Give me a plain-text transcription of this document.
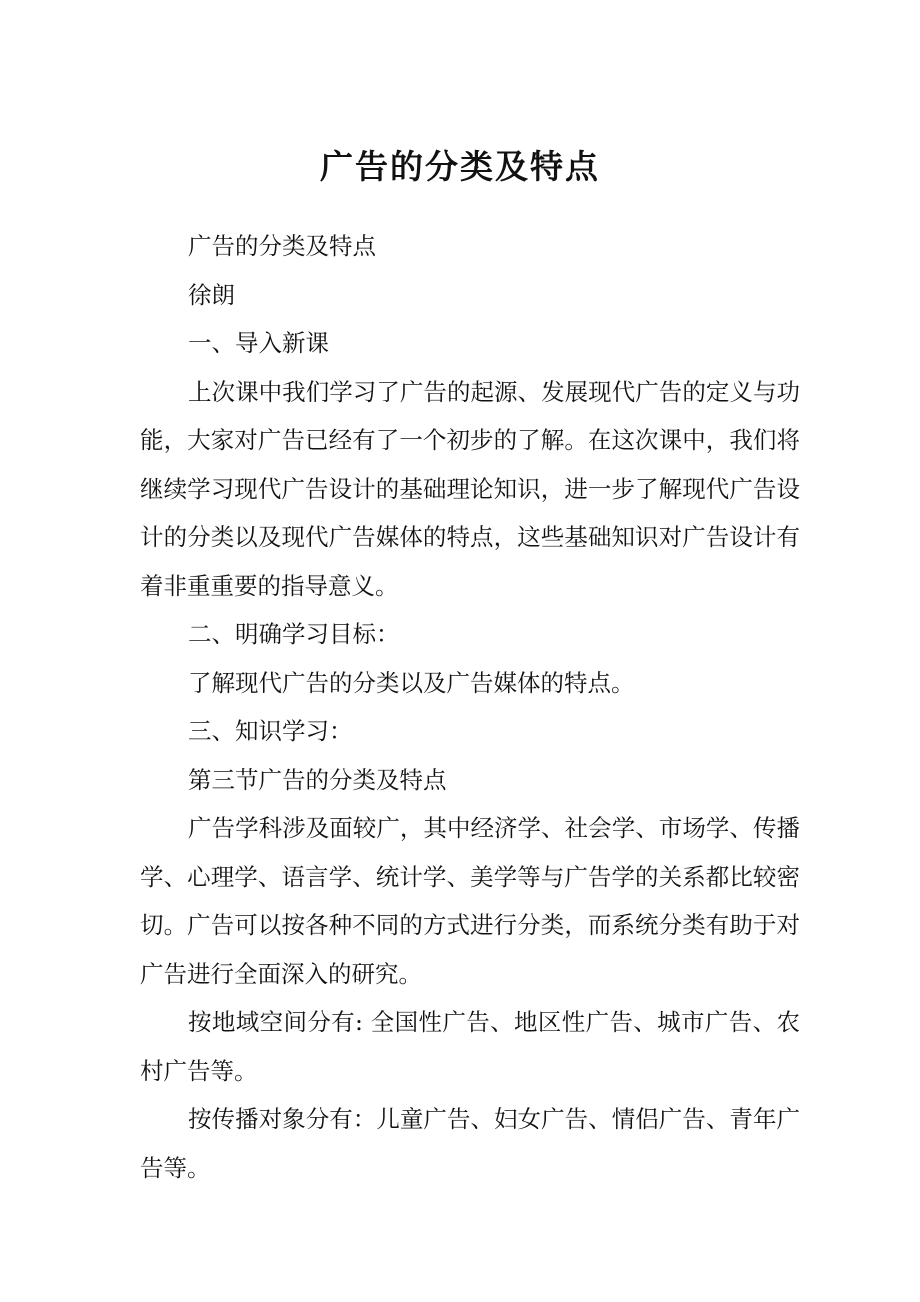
广告的分类及特点

广告的分类及特点

徐朗

一、导入新课

上次课中我们学习了广告的起源、发展现代广告的定义与功能，大家对广告已经有了一个初步的了解。在这次课中，我们将继续学习现代广告设计的基础理论知识，进一步了解现代广告设计的分类以及现代广告媒体的特点，这些基础知识对广告设计有着非重重要的指导意义。

二、明确学习目标：

了解现代广告的分类以及广告媒体的特点。

三、知识学习：

第三节广告的分类及特点

广告学科涉及面较广，其中经济学、社会学、市场学、传播学、心理学、语言学、统计学、美学等与广告学的关系都比较密切。广告可以按各种不同的方式进行分类，而系统分类有助于对广告进行全面深入的研究。

按地域空间分有: 全国性广告、地区性广告、城市广告、农村广告等。

按传播对象分有：儿童广告、妇女广告、情侣广告、青年广告等。
